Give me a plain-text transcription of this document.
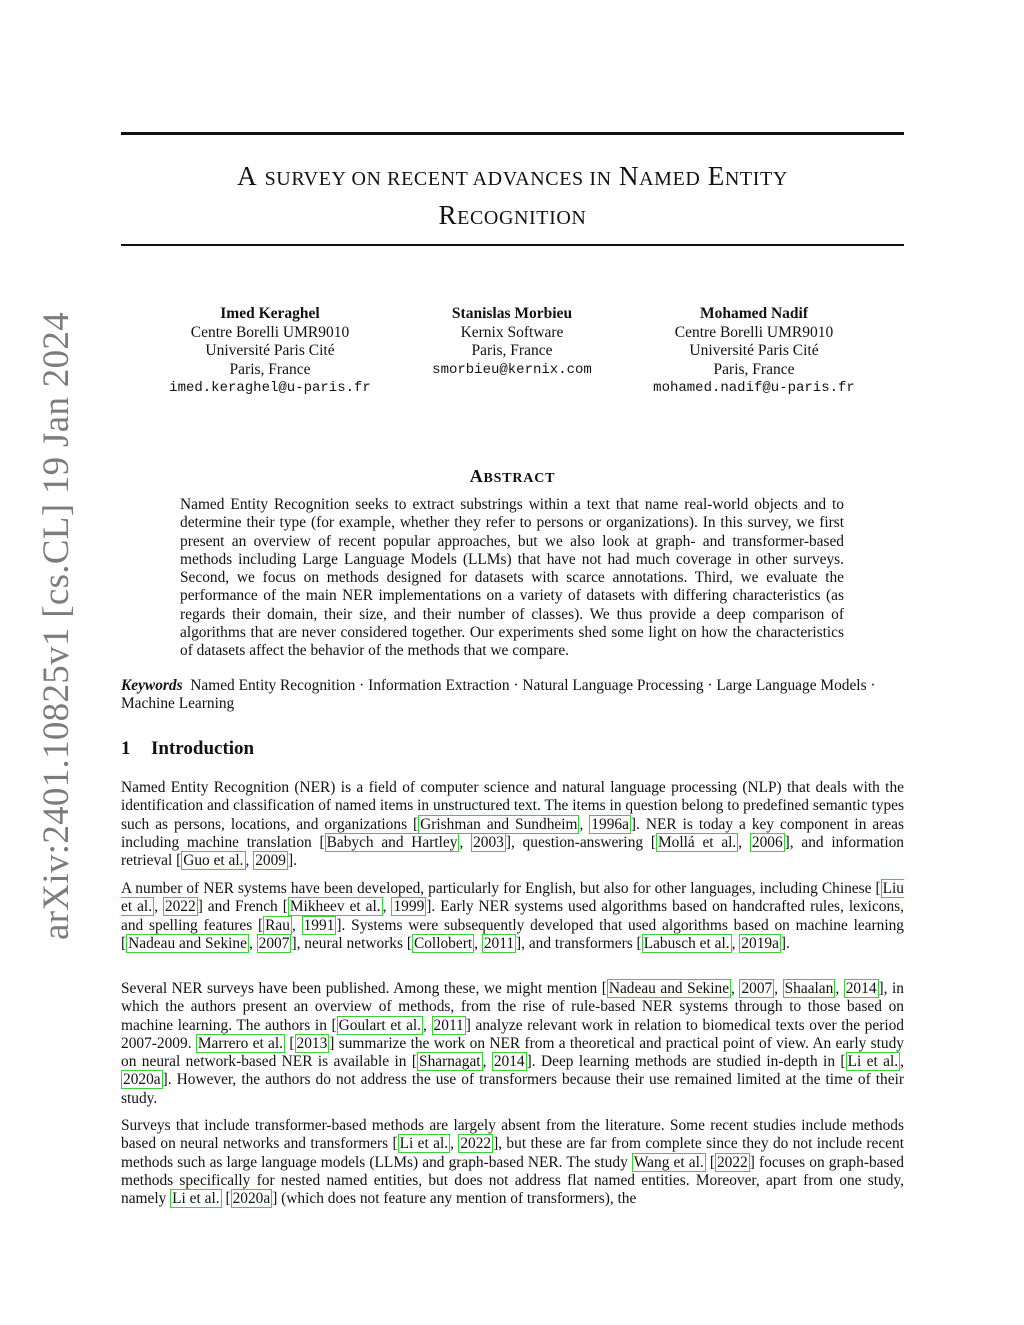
A SURVEY ON RECENT ADVANCES IN NAMED ENTITY
RECOGNITION
Imed Keraghel
Centre Borelli UMR9010
Université Paris Cité
Paris, France
imed.keraghel@u-paris.fr
Stanislas Morbieu
Kernix Software
Paris, France
smorbieu@kernix.com
Mohamed Nadif
Centre Borelli UMR9010
Université Paris Cité
Paris, France
mohamed.nadif@u-paris.fr
arXiv:2401.10825v1 [cs.CL] 19 Jan 2024	ABSTRACT
Named Entity Recognition seeks to extract substrings within a text that name real-world objects and to determine their type (for example, whether they refer to persons or organizations). In this survey, we first present an overview of recent popular approaches, but we also look at graph- and transformer-based methods including Large Language Models (LLMs) that have not had much coverage in other surveys. Second, we focus on methods designed for datasets with scarce annotations. Third, we evaluate the performance of the main NER implementations on a variety of datasets with differing characteristics (as regards their domain, their size, and their number of classes). We thus provide a deep comparison of algorithms that are never considered together. Our experiments shed some light on how the characteristics of datasets affect the behavior of the methods that we compare.
Keywords Named Entity Recognition · Information Extraction · Natural Language Processing · Large Language Models · Machine Learning
1 Introduction

Named Entity Recognition (NER) is a field of computer science and natural language processing (NLP) that deals with the identification and classification of named items in unstructured text. The items in question belong to predefined semantic types such as persons, locations, and organizations [ Grishman and Sundheim , 1996a ]. NER is today a key component in areas including machine translation [ Babych and Hartley , 2003 ], question-answering [ Mollá et al. , 2006 ], and information retrieval [ Guo et al. , 2009 ].

A number of NER systems have been developed, particularly for English, but also for other languages, including Chinese [ Liu et al. , 2022 ] and French [ Mikheev et al. , 1999 ]. Early NER systems used algorithms based on handcrafted rules, lexicons, and spelling features [ Rau , 1991 ]. Systems were subsequently developed that used algorithms based on machine learning [ Nadeau and Sekine , 2007 ], neural networks [ Collobert , 2011 ], and transformers [ Labusch et al. , 2019a ].

Several NER surveys have been published. Among these, we might mention [ Nadeau and Sekine , 2007 , Shaalan , 2014 ], in which the authors present an overview of methods, from the rise of rule-based NER systems through to those based on machine learning. The authors in [ Goulart et al. , 2011 ] analyze relevant work in relation to biomedical texts over the period 2007-2009. Marrero et al. [ 2013 ] summarize the work on NER from a theoretical and practical point of view. An early study on neural network-based NER is available in [ Sharnagat , 2014 ]. Deep learning methods are studied in-depth in [ Li et al. , 2020a ]. However, the authors do not address the use of transformers because their use remained limited at the time of their study.

Surveys that include transformer-based methods are largely absent from the literature. Some recent studies include methods based on neural networks and transformers [ Li et al. , 2022 ], but these are far from complete since they do not include recent methods such as large language models (LLMs) and graph-based NER. The study Wang et al. [ 2022 ] focuses on graph-based methods specifically for nested named entities, but does not address flat named entities. Moreover, apart from one study, namely Li et al. [ 2020a ] (which does not feature any mention of transformers), the
